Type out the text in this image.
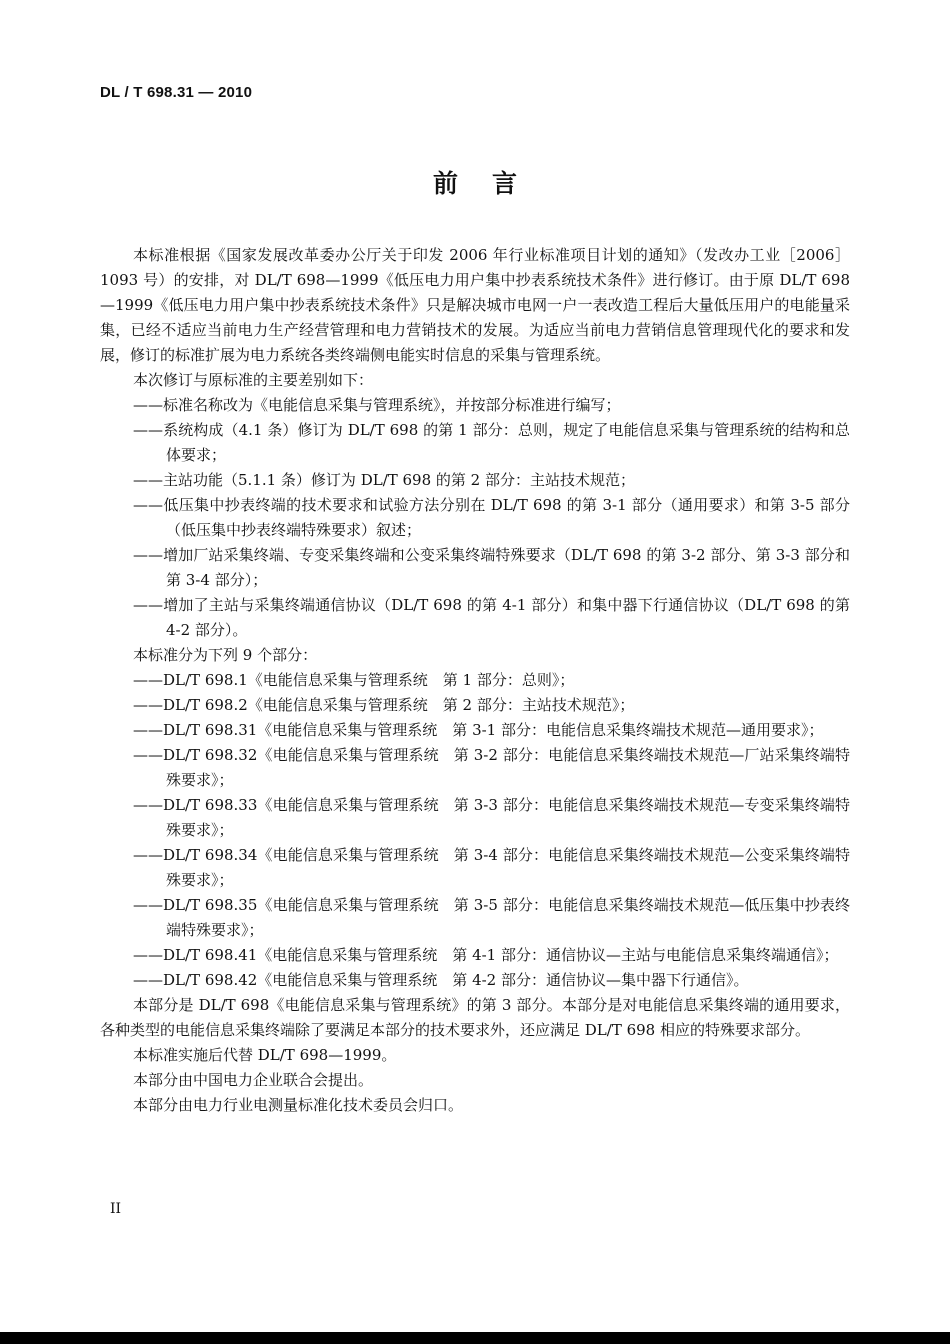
DL / T 698.31 — 2010
前言

本标准根据《国家发展改革委办公厅关于印发 2006 年行业标准项目计划的通知》（发改办工业［2006］1093 号）的安排，对 DL/T 698—1999《低压电力用户集中抄表系统技术条件》进行修订。由于原 DL/T 698—1999《低压电力用户集中抄表系统技术条件》只是解决城市电网一户一表改造工程后大量低压用户的电能量采集，已经不适应当前电力生产经营管理和电力营销技术的发展。为适应当前电力营销信息管理现代化的要求和发展，修订的标准扩展为电力系统各类终端侧电能实时信息的采集与管理系统。

本次修订与原标准的主要差别如下：

——标准名称改为《电能信息采集与管理系统》，并按部分标准进行编写；

——系统构成（4.1 条）修订为 DL/T 698 的第 1 部分：总则，规定了电能信息采集与管理系统的结构和总体要求；

——主站功能（5.1.1 条）修订为 DL/T 698 的第 2 部分：主站技术规范；

——低压集中抄表终端的技术要求和试验方法分别在 DL/T 698 的第 3-1 部分（通用要求）和第 3-5 部分（低压集中抄表终端特殊要求）叙述；

——增加厂站采集终端、专变采集终端和公变采集终端特殊要求（DL/T 698 的第 3-2 部分、第 3-3 部分和第 3-4 部分）；

——增加了主站与采集终端通信协议（DL/T 698 的第 4-1 部分）和集中器下行通信协议（DL/T 698 的第 4-2 部分）。

本标准分为下列 9 个部分：

——DL/T 698.1《电能信息采集与管理系统　第 1 部分：总则》；

——DL/T 698.2《电能信息采集与管理系统　第 2 部分：主站技术规范》；

——DL/T 698.31《电能信息采集与管理系统　第 3-1 部分：电能信息采集终端技术规范—通用要求》；

——DL/T 698.32《电能信息采集与管理系统　第 3-2 部分：电能信息采集终端技术规范—厂站采集终端特殊要求》；

——DL/T 698.33《电能信息采集与管理系统　第 3-3 部分：电能信息采集终端技术规范—专变采集终端特殊要求》；

——DL/T 698.34《电能信息采集与管理系统　第 3-4 部分：电能信息采集终端技术规范—公变采集终端特殊要求》；

——DL/T 698.35《电能信息采集与管理系统　第 3-5 部分：电能信息采集终端技术规范—低压集中抄表终端特殊要求》；

——DL/T 698.41《电能信息采集与管理系统　第 4-1 部分：通信协议—主站与电能信息采集终端通信》；

——DL/T 698.42《电能信息采集与管理系统　第 4-2 部分：通信协议—集中器下行通信》。

本部分是 DL/T 698《电能信息采集与管理系统》的第 3 部分。本部分是对电能信息采集终端的通用要求，各种类型的电能信息采集终端除了要满足本部分的技术要求外，还应满足 DL/T 698 相应的特殊要求部分。

本标准实施后代替 DL/T 698—1999。

本部分由中国电力企业联合会提出。

本部分由电力行业电测量标准化技术委员会归口。

II
